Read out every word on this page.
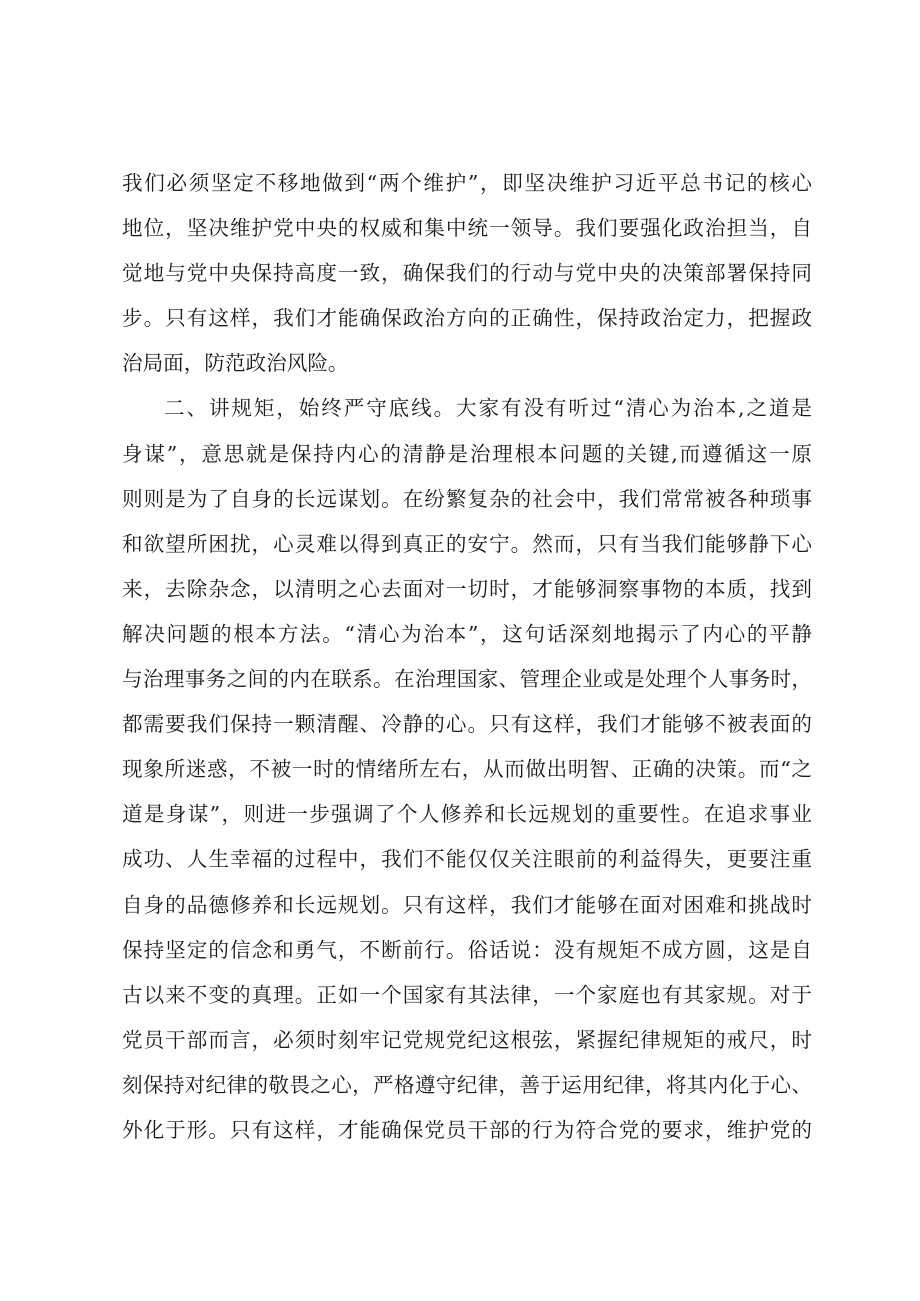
我们必须坚定不移地做到“两个维护”，即坚决维护习近平总书记的核心
地位，坚决维护党中央的权威和集中统一领导。我们要强化政治担当，自
觉地与党中央保持高度一致，确保我们的行动与党中央的决策部署保持同
步。只有这样，我们才能确保政治方向的正确性，保持政治定力，把握政
治局面，防范政治风险。
二、讲规矩，始终严守底线。大家有没有听过“清心为治本,之道是
身谋”，意思就是保持内心的清静是治理根本问题的关键,而遵循这一原
则则是为了自身的长远谋划。在纷繁复杂的社会中，我们常常被各种琐事
和欲望所困扰，心灵难以得到真正的安宁。然而，只有当我们能够静下心
来，去除杂念，以清明之心去面对一切时，才能够洞察事物的本质，找到
解决问题的根本方法。“清心为治本”，这句话深刻地揭示了内心的平静
与治理事务之间的内在联系。在治理国家、管理企业或是处理个人事务时，
都需要我们保持一颗清醒、冷静的心。只有这样，我们才能够不被表面的
现象所迷惑，不被一时的情绪所左右，从而做出明智、正确的决策。而“之
道是身谋”，则进一步强调了个人修养和长远规划的重要性。在追求事业
成功、人生幸福的过程中，我们不能仅仅关注眼前的利益得失，更要注重
自身的品德修养和长远规划。只有这样，我们才能够在面对困难和挑战时
保持坚定的信念和勇气，不断前行。俗话说：没有规矩不成方圆，这是自
古以来不变的真理。正如一个国家有其法律，一个家庭也有其家规。对于
党员干部而言，必须时刻牢记党规党纪这根弦，紧握纪律规矩的戒尺，时
刻保持对纪律的敬畏之心，严格遵守纪律，善于运用纪律，将其内化于心、
外化于形。只有这样，才能确保党员干部的行为符合党的要求，维护党的
